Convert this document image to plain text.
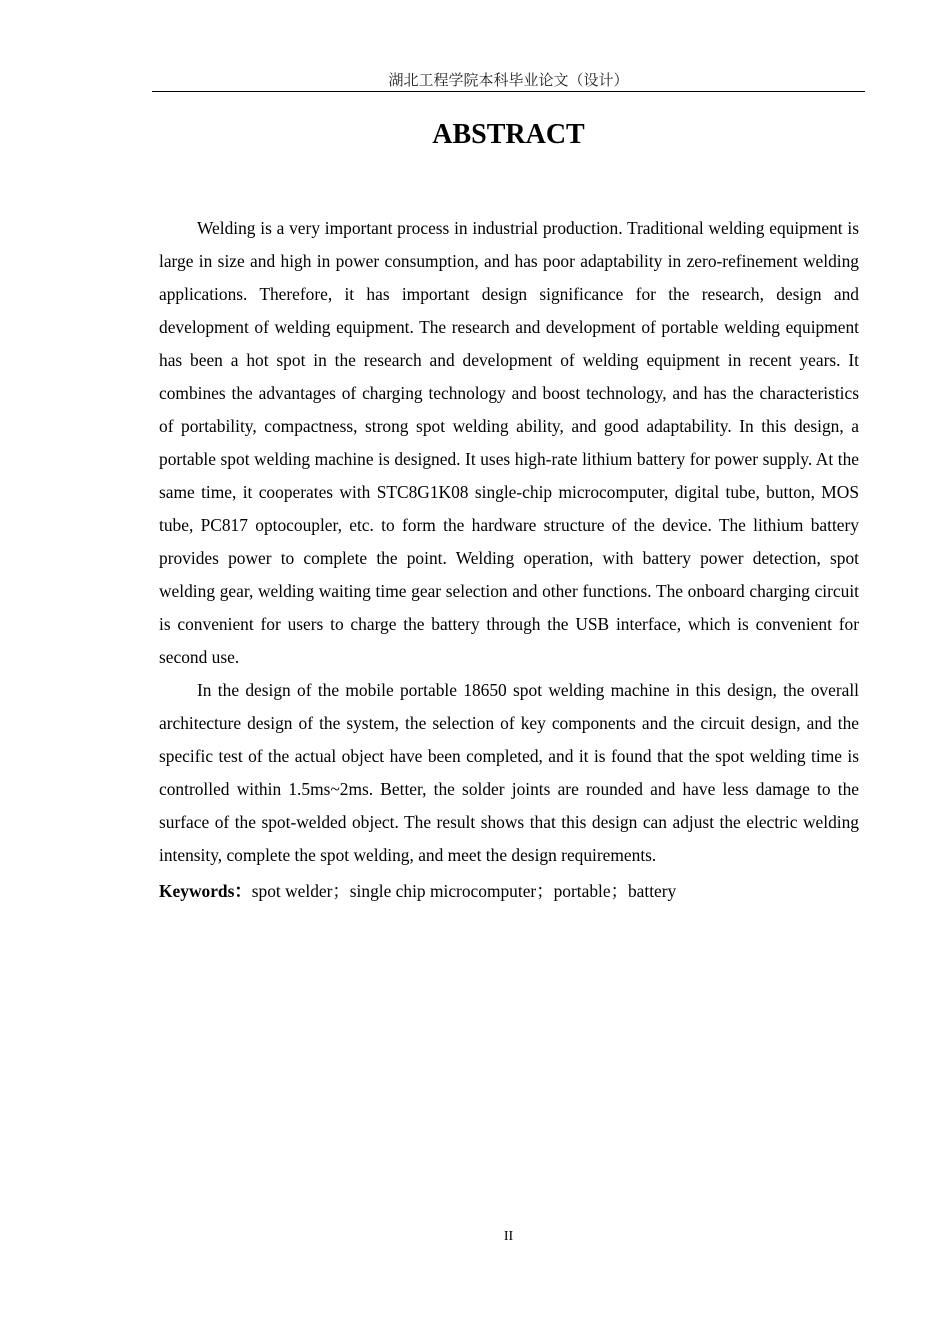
湖北工程学院本科毕业论文（设计）
ABSTRACT

Welding is a very important process in industrial production. Traditional welding equipment is large in size and high in power consumption, and has poor adaptability in zero-refinement welding applications. Therefore, it has important design significance for the research, design and development of welding equipment. The research and development of portable welding equipment has been a hot spot in the research and development of welding equipment in recent years. It combines the advantages of charging technology and boost technology, and has the characteristics of portability, compactness, strong spot welding ability, and good adaptability. In this design, a portable spot welding machine is designed. It uses high-rate lithium battery for power supply. At the same time, it cooperates with STC8G1K08 single-chip microcomputer, digital tube, button, MOS tube, PC817 optocoupler, etc. to form the hardware structure of the device. The lithium battery provides power to complete the point. Welding operation, with battery power detection, spot welding gear, welding waiting time gear selection and other functions. The onboard charging circuit is convenient for users to charge the battery through the USB interface, which is convenient for second use.

In the design of the mobile portable 18650 spot welding machine in this design, the overall architecture design of the system, the selection of key components and the circuit design, and the specific test of the actual object have been completed, and it is found that the spot welding time is controlled within 1.5ms~2ms. Better, the solder joints are rounded and have less damage to the surface of the spot-welded object. The result shows that this design can adjust the electric welding intensity, complete the spot welding, and meet the design requirements.

Keywords：spot welder；single chip microcomputer；portable；battery

II
